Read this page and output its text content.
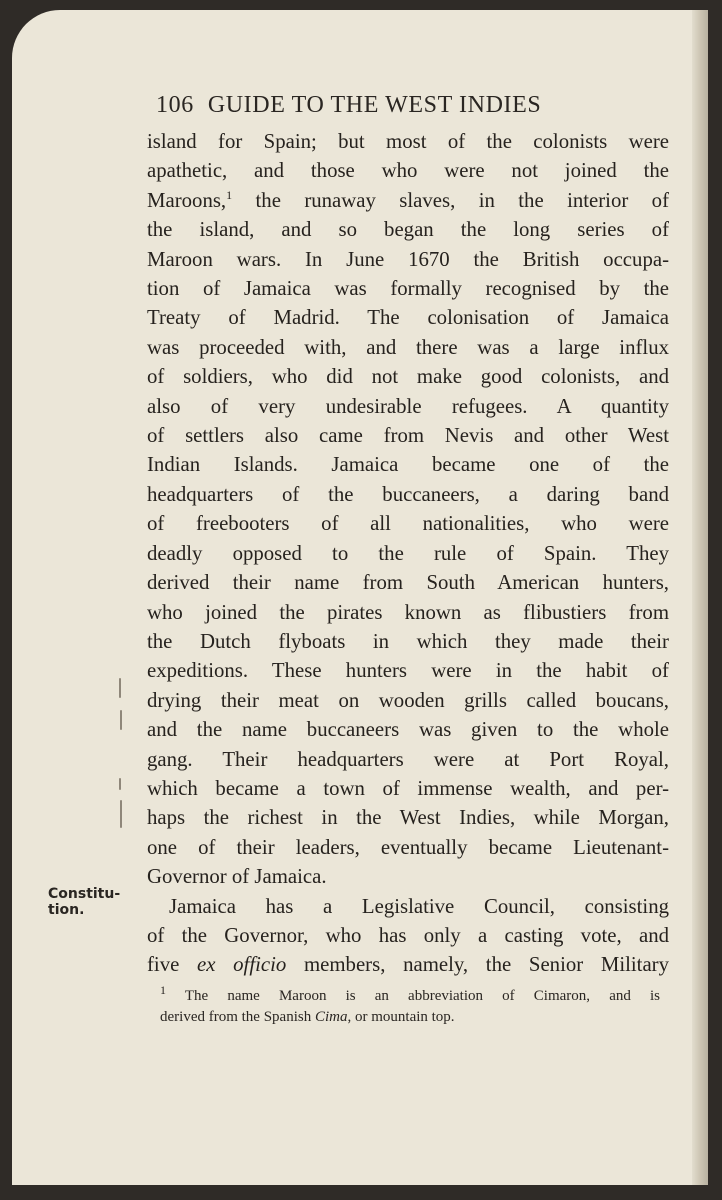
106 GUIDE TO THE WEST INDIES
island for Spain; but most of the colonists were
apathetic, and those who were not joined the
Maroons,$^1$ the runaway slaves, in the interior of
the island, and so began the long series of
Maroon wars. In June 1670 the British occupa-
tion of Jamaica was formally recognised by the
Treaty of Madrid. The colonisation of Jamaica
was proceeded with, and there was a large influx
of soldiers, who did not make good colonists, and
also of very undesirable refugees. A quantity
of settlers also came from Nevis and other West
Indian Islands. Jamaica became one of the
headquarters of the buccaneers, a daring band
of freebooters of all nationalities, who were
deadly opposed to the rule of Spain. They
derived their name from South American hunters,
who joined the pirates known as flibustiers from
the Dutch flyboats in which they made their
expeditions. These hunters were in the habit of
drying their meat on wooden grills called boucans,
and the name buccaneers was given to the whole
gang. Their headquarters were at Port Royal,
which became a town of immense wealth, and per-
haps the richest in the West Indies, while Morgan,
one of their leaders, eventually became Lieutenant-
Governor of Jamaica.
Jamaica has a Legislative Council, consisting
of the Governor, who has only a casting vote, and
five ex officio members, namely, the Senior Military
Constitu-
tion.
$^1$ The name Maroon is an abbreviation of Cimaron, and is
derived from the Spanish Cima, or mountain top.
